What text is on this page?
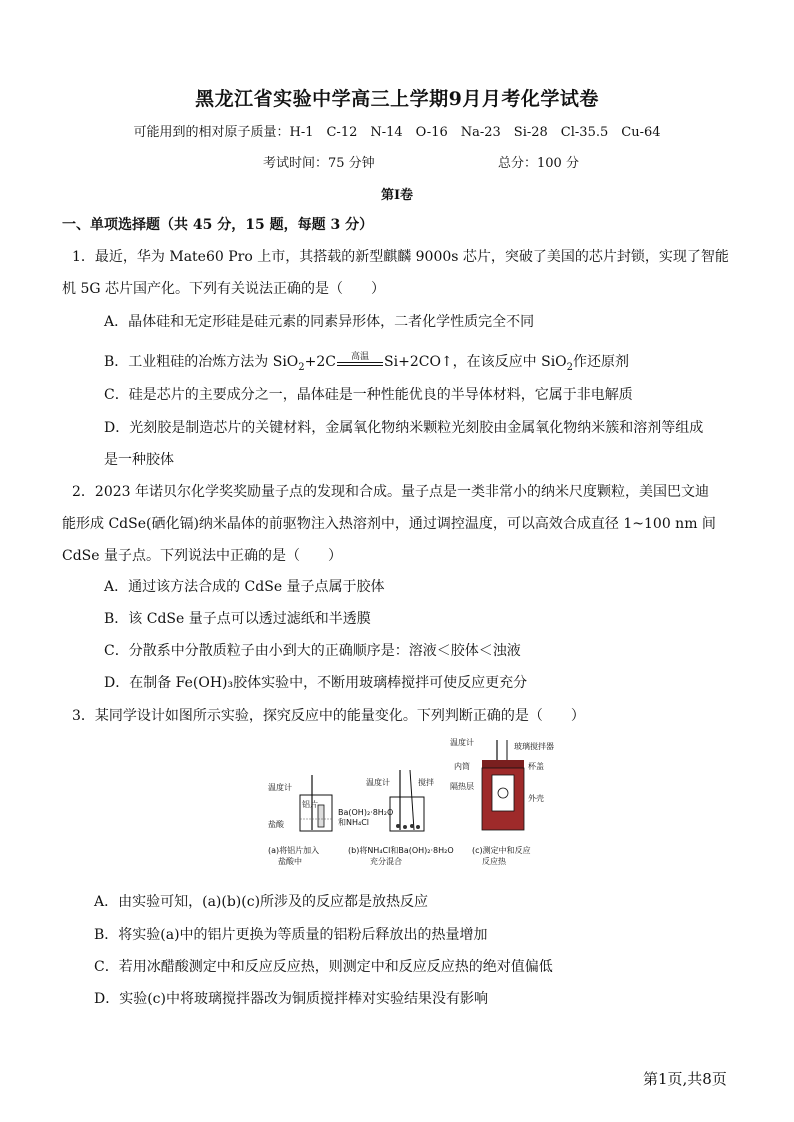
黑龙江省实验中学高三上学期9月月考化学试卷
可能用到的相对原子质量：H-1　C-12　N-14　O-16　Na-23　Si-28　Cl-35.5　Cu-64
考试时间：75 分钟	总分：100 分
第Ⅰ卷
一、单项选择题（共 45 分，15 题，每题 3 分）
1．最近，华为 Mate60 Pro 上市，其搭载的新型麒麟 9000s 芯片，突破了美国的芯片封锁，实现了智能
机 5G 芯片国产化。下列有关说法正确的是（　　）
A．晶体硅和无定形硅是硅元素的同素异形体，二者化学性质完全不同
B．工业粗硅的冶炼方法为 SiO$_2$+2C	高温	Si+2CO↑，在该反应中 SiO$_2$作还原剂
C．硅是芯片的主要成分之一，晶体硅是一种性能优良的半导体材料，它属于非电解质
D．光刻胶是制造芯片的关键材料，金属氧化物纳米颗粒光刻胶由金属氧化物纳米簇和溶剂等组成
是一种胶体
2．2023 年诺贝尔化学奖奖励量子点的发现和合成。量子点是一类非常小的纳米尺度颗粒，美国巴文迪
能形成 CdSe(硒化镉)纳米晶体的前驱物注入热溶剂中，通过调控温度，可以高效合成直径 1~100 nm 间
CdSe 量子点。下列说法中正确的是（　　）
A．通过该方法合成的 CdSe 量子点属于胶体
B．该 CdSe 量子点可以透过滤纸和半透膜
C．分散系中分散质粒子由小到大的正确顺序是：溶液＜胶体＜浊液
D．在制备 Fe(OH)₃胶体实验中，不断用玻璃棒搅拌可使反应更充分
3．某同学设计如图所示实验，探究反应中的能量变化。下列判断正确的是（　　）
温度计
铝片
盐酸
(a)将铝片加入
盐酸中
温度计	搅拌
Ba(OH)₂·8H₂O
和NH₄Cl
(b)将NH₄Cl和Ba(OH)₂·8H₂O
充分混合
温度计	玻璃搅拌器
内筒	杯盖
隔热层
外壳
(c)测定中和反应
反应热
A．由实验可知，(a)(b)(c)所涉及的反应都是放热反应
B．将实验(a)中的铝片更换为等质量的铝粉后释放出的热量增加
C．若用冰醋酸测定中和反应反应热，则测定中和反应反应热的绝对值偏低
D．实验(c)中将玻璃搅拌器改为铜质搅拌棒对实验结果没有影响
第1页,共8页
